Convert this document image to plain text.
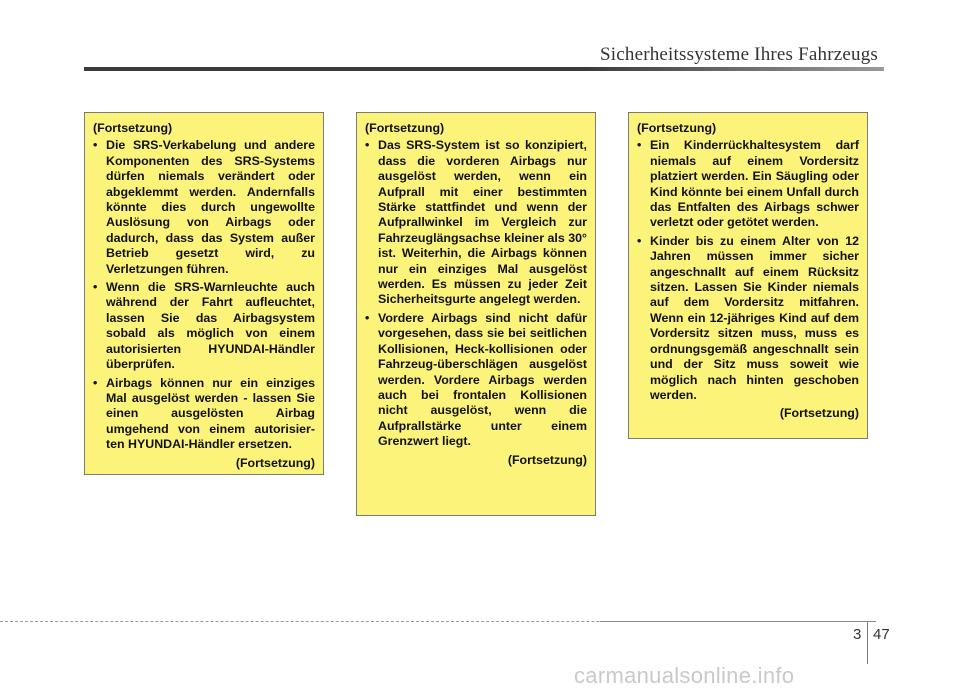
Sicherheitssysteme Ihres Fahrzeugs
(Fortsetzung)
• Die SRS-Verkabelung und andere Komponenten des SRS-Systems dürfen niemals verändert oder abgeklemmt werden. Andernfalls könnte dies durch ungewollte Auslösung von Airbags oder dadurch, dass das System außer Betrieb gesetzt wird, zu Verletzungen führen.
• Wenn die SRS-Warnleuchte auch während der Fahrt aufleuchtet, lassen Sie das Airbagsystem sobald als möglich von einem autorisierten HYUNDAI-Händler überprüfen.
• Airbags können nur ein einziges Mal ausgelöst werden - lassen Sie einen ausgelösten Airbag umgehend von einem autorisier-ten HYUNDAI-Händler ersetzen.
(Fortsetzung)
(Fortsetzung)
• Das SRS-System ist so konzipiert, dass die vorderen Airbags nur ausgelöst werden, wenn ein Aufprall mit einer bestimmten Stärke stattfindet und wenn der Aufprallwinkel im Vergleich zur Fahrzeuglängsachse kleiner als 30° ist. Weiterhin, die Airbags können nur ein einziges Mal ausgelöst werden. Es müssen zu jeder Zeit Sicherheitsgurte angelegt werden.
• Vordere Airbags sind nicht dafür vorgesehen, dass sie bei seitlichen Kollisionen, Heck-kollisionen oder Fahrzeug-überschlägen ausgelöst werden. Vordere Airbags werden auch bei frontalen Kollisionen nicht ausgelöst, wenn die Aufprallstärke unter einem Grenzwert liegt.
(Fortsetzung)
(Fortsetzung)
• Ein Kinderrückhaltesystem darf niemals auf einem Vordersitz platziert werden. Ein Säugling oder Kind könnte bei einem Unfall durch das Entfalten des Airbags schwer verletzt oder getötet werden.
• Kinder bis zu einem Alter von 12 Jahren müssen immer sicher angeschnallt auf einem Rücksitz sitzen. Lassen Sie Kinder niemals auf dem Vordersitz mitfahren. Wenn ein 12-jähriges Kind auf dem Vordersitz sitzen muss, muss es ordnungsgemäß angeschnallt sein und der Sitz muss soweit wie möglich nach hinten geschoben werden.
(Fortsetzung)
3 47
carmanualsonline.info
